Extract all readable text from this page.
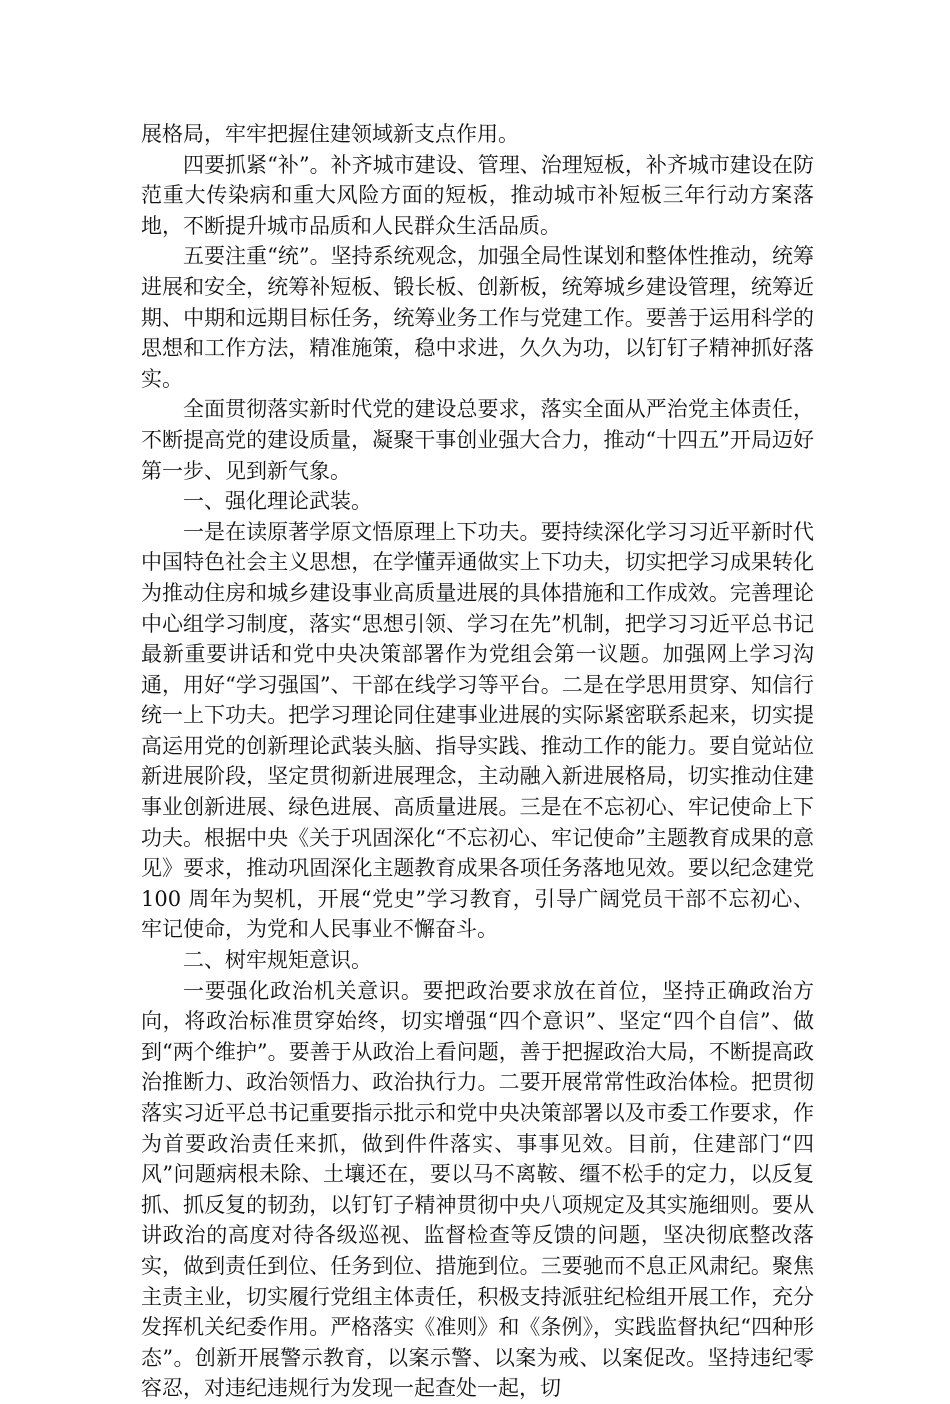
展格局，牢牢把握住建领域新支点作用。

四要抓紧“补”。补齐城市建设、管理、治理短板，补齐城市建设在防范重大传染病和重大风险方面的短板，推动城市补短板三年行动方案落地，不断提升城市品质和人民群众生活品质。

五要注重“统”。坚持系统观念，加强全局性谋划和整体性推动，统筹进展和安全，统筹补短板、锻长板、创新板，统筹城乡建设管理，统筹近期、中期和远期目标任务，统筹业务工作与党建工作。要善于运用科学的思想和工作方法，精准施策，稳中求进，久久为功，以钉钉子精神抓好落实。

全面贯彻落实新时代党的建设总要求，落实全面从严治党主体责任，不断提高党的建设质量，凝聚干事创业强大合力，推动“十四五”开局迈好第一步、见到新气象。

一、强化理论武装。

一是在读原著学原文悟原理上下功夫。要持续深化学习习近平新时代中国特色社会主义思想，在学懂弄通做实上下功夫，切实把学习成果转化为推动住房和城乡建设事业高质量进展的具体措施和工作成效。完善理论中心组学习制度，落实“思想引领、学习在先”机制，把学习习近平总书记最新重要讲话和党中央决策部署作为党组会第一议题。加强网上学习沟通，用好“学习强国”、干部在线学习等平台。二是在学思用贯穿、知信行统一上下功夫。把学习理论同住建事业进展的实际紧密联系起来，切实提高运用党的创新理论武装头脑、指导实践、推动工作的能力。要自觉站位新进展阶段，坚定贯彻新进展理念，主动融入新进展格局，切实推动住建事业创新进展、绿色进展、高质量进展。三是在不忘初心、牢记使命上下功夫。根据中央《关于巩固深化“不忘初心、牢记使命”主题教育成果的意见》要求，推动巩固深化主题教育成果各项任务落地见效。要以纪念建党 100 周年为契机，开展“党史”学习教育，引导广阔党员干部不忘初心、牢记使命，为党和人民事业不懈奋斗。

二、树牢规矩意识。

一要强化政治机关意识。要把政治要求放在首位，坚持正确政治方向，将政治标准贯穿始终，切实增强“四个意识”、坚定“四个自信”、做到“两个维护”。要善于从政治上看问题，善于把握政治大局，不断提高政治推断力、政治领悟力、政治执行力。二要开展常常性政治体检。把贯彻落实习近平总书记重要指示批示和党中央决策部署以及市委工作要求，作为首要政治责任来抓，做到件件落实、事事见效。目前，住建部门“四风”问题病根未除、土壤还在，要以马不离鞍、缰不松手的定力，以反复抓、抓反复的韧劲，以钉钉子精神贯彻中央八项规定及其实施细则。要从讲政治的高度对待各级巡视、监督检查等反馈的问题，坚决彻底整改落实，做到责任到位、任务到位、措施到位。三要驰而不息正风肃纪。聚焦主责主业，切实履行党组主体责任，积极支持派驻纪检组开展工作，充分发挥机关纪委作用。严格落实《准则》和《条例》，实践监督执纪“四种形态”。创新开展警示教育，以案示警、以案为戒、以案促改。坚持违纪零容忍，对违纪违规行为发现一起查处一起，切
